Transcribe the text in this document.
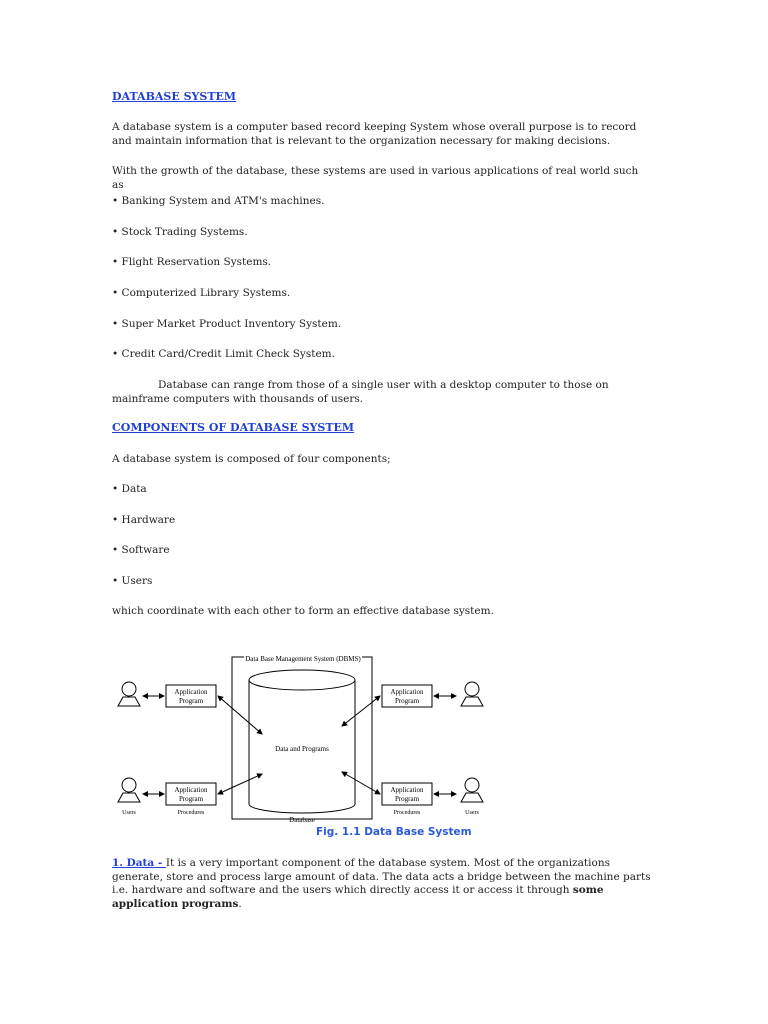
DATABASE SYSTEM

A database system is a computer based record keeping System whose overall purpose is to record and maintain information that is relevant to the organization necessary for making decisions.

With the growth of the database, these systems are used in various applications of real world such as

• Banking System and ATM's machines.

• Stock Trading Systems.

• Flight Reservation Systems.

• Computerized Library Systems.

• Super Market Product Inventory System.

• Credit Card/Credit Limit Check System.

Database can range from those of a single user with a desktop computer to those on mainframe computers with thousands of users.

COMPONENTS OF DATABASE SYSTEM

A database system is composed of four components;

• Data

• Hardware

• Software

• Users

which coordinate with each other to form an effective database system.

Data Base Management System (DBMS)
Data and Programs
Database
Application
Program
Application
Program
Users	Procedures
Application
Program
Application
Program
Procedures	Users
Fig. 1.1 Data Base System

1. Data - It is a very important component of the database system. Most of the organizations generate, store and process large amount of data. The data acts a bridge between the machine parts i.e. hardware and software and the users which directly access it or access it through some application programs.
